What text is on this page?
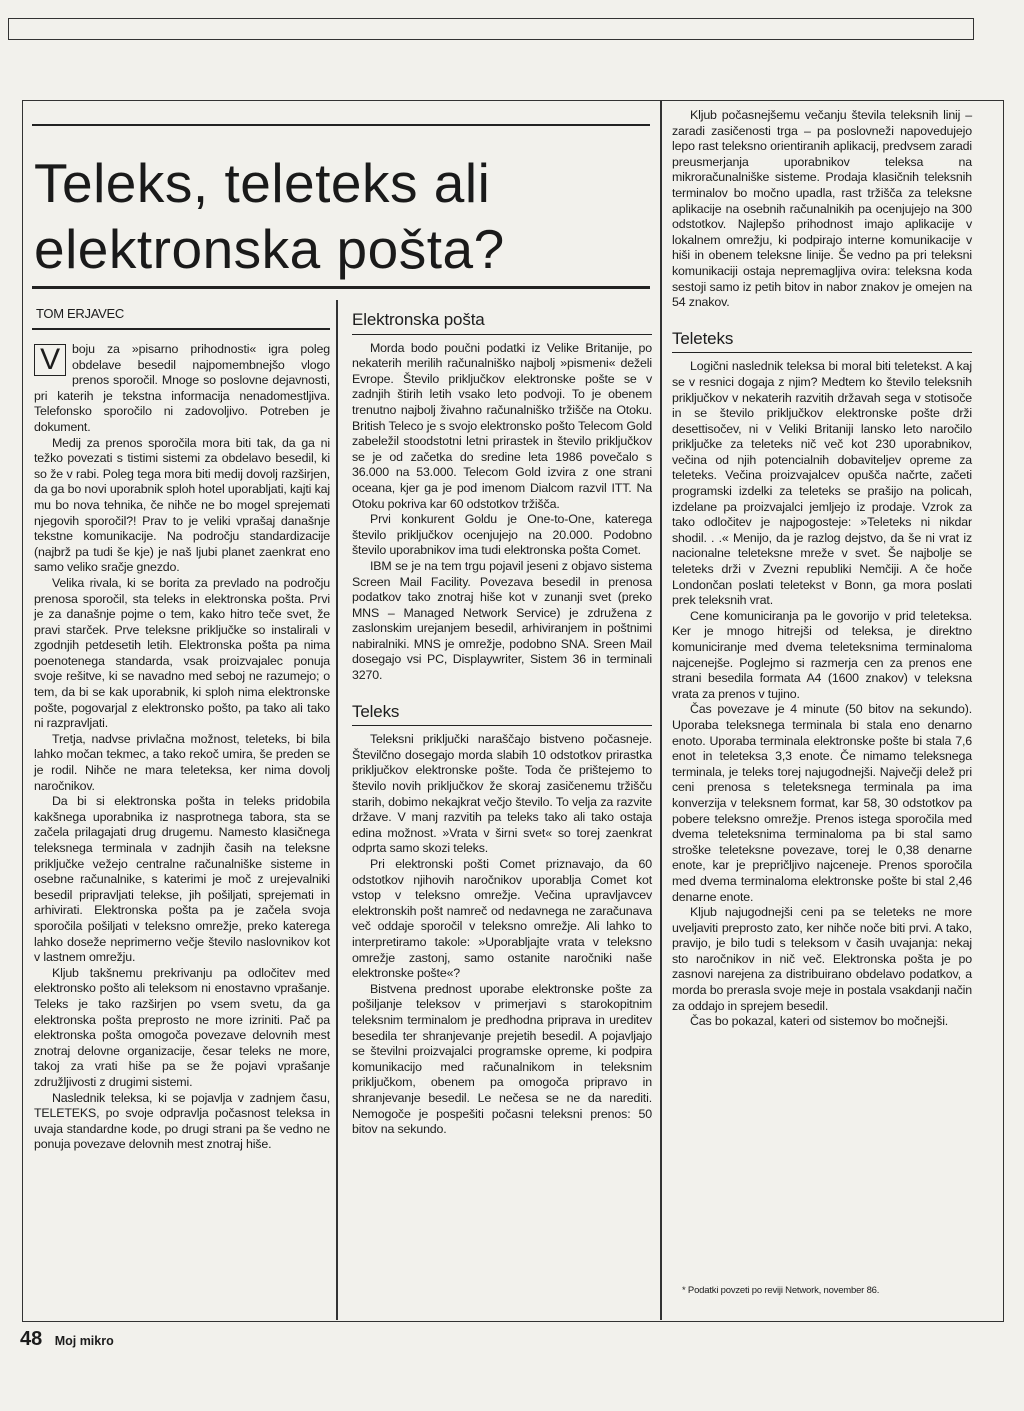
Teleks, teleteks ali
elektronska pošta?
TOM ERJAVEC
V boju za »pisarno prihodnosti« igra poleg obdelave besedil najpomembnejšo vlogo prenos sporočil. Mnoge so poslovne dejavnosti, pri katerih je tekstna informacija nenadomestljiva. Telefonsko sporočilo ni zadovoljivo. Potreben je dokument.

Medij za prenos sporočila mora biti tak, da ga ni težko povezati s tistimi sistemi za obdelavo besedil, ki so že v rabi. Poleg tega mora biti medij dovolj razširjen, da ga bo novi uporabnik sploh hotel uporabljati, kajti kaj mu bo nova tehnika, če nihče ne bo mogel sprejemati njegovih sporočil?! Prav to je veliki vprašaj današnje tekstne komunikacije. Na področju standardizacije (najbrž pa tudi še kje) je naš ljubi planet zaenkrat eno samo veliko sračje gnezdo.

Velika rivala, ki se borita za prevlado na področju prenosa sporočil, sta teleks in elektronska pošta. Prvi je za današnje pojme o tem, kako hitro teče svet, že pravi starček. Prve teleksne priključke so instalirali v zgodnjih petdesetih letih. Elektronska pošta pa nima poenotenega standarda, vsak proizvajalec ponuja svoje rešitve, ki se navadno med seboj ne razumejo; o tem, da bi se kak uporabnik, ki sploh nima elektronske pošte, pogovarjal z elektronsko pošto, pa tako ali tako ni razpravljati.

Tretja, nadvse privlačna možnost, teleteks, bi bila lahko močan tekmec, a tako rekoč umira, še preden se je rodil. Nihče ne mara teleteksa, ker nima dovolj naročnikov.

Da bi si elektronska pošta in teleks pridobila kakšnega uporabnika iz nasprotnega tabora, sta se začela prilagajati drug drugemu. Namesto klasičnega teleksnega terminala v zadnjih časih na teleksne priključke vežejo centralne računalniške sisteme in osebne računalnike, s katerimi je moč z urejevalniki besedil pripravljati telekse, jih pošiljati, sprejemati in arhivirati. Elektronska pošta pa je začela svoja sporočila pošiljati v teleksno omrežje, preko katerega lahko doseže neprimerno večje število naslovnikov kot v lastnem omrežju.

Kljub takšnemu prekrivanju pa odločitev med elektronsko pošto ali teleksom ni enostavno vprašanje. Teleks je tako razširjen po vsem svetu, da ga elektronska pošta preprosto ne more izriniti. Pač pa elektronska pošta omogoča povezave delovnih mest znotraj delovne organizacije, česar teleks ne more, takoj za vrati hiše pa se že pojavi vprašanje združljivosti z drugimi sistemi.

Naslednik teleksa, ki se pojavlja v zadnjem času, TELETEKS, po svoje odpravlja počasnost teleksa in uvaja standardne kode, po drugi strani pa še vedno ne ponuja povezave delovnih mest znotraj hiše.

Elektronska pošta

Morda bodo poučni podatki iz Velike Britanije, po nekaterih merilih računalniško najbolj »pismeni« deželi Evrope. Število priključkov elektronske pošte se v zadnjih štirih letih vsako leto podvoji. To je obenem trenutno najbolj živahno računalniško tržišče na Otoku. British Teleco je s svojo elektronsko pošto Telecom Gold zabeležil stoodstotni letni prirastek in število priključkov se je od začetka do sredine leta 1986 povečalo s 36.000 na 53.000. Telecom Gold izvira z one strani oceana, kjer ga je pod imenom Dialcom razvil ITT. Na Otoku pokriva kar 60 odstotkov tržišča.

Prvi konkurent Goldu je One-to-One, katerega število priključkov ocenjujejo na 20.000. Podobno število uporabnikov ima tudi elektronska pošta Comet.

IBM se je na tem trgu pojavil jeseni z objavo sistema Screen Mail Facility. Povezava besedil in prenosa podatkov tako znotraj hiše kot v zunanji svet (preko MNS – Managed Network Service) je združena z zaslonskim urejanjem besedil, arhiviranjem in poštnimi nabiralniki. MNS je omrežje, podobno SNA. Sreen Mail dosegajo vsi PC, Displaywriter, Sistem 36 in terminali 3270.

Teleks

Teleksni priključki naraščajo bistveno počasneje. Številčno dosegajo morda slabih 10 odstotkov prirastka priključkov elektronske pošte. Toda če prištejemo to število novih priključkov že skoraj zasičenemu tržišču starih, dobimo nekajkrat večjo število. To velja za razvite države. V manj razvitih pa teleks tako ali tako ostaja edina možnost. »Vrata v širni svet« so torej zaenkrat odprta samo skozi teleks.

Pri elektronski pošti Comet priznavajo, da 60 odstotkov njihovih naročnikov uporablja Comet kot vstop v teleksno omrežje. Večina upravljavcev elektronskih pošt namreč od nedavnega ne zaračunava več oddaje sporočil v teleksno omrežje. Ali lahko to interpretiramo takole: »Uporabljajte vrata v teleksno omrežje zastonj, samo ostanite naročniki naše elektronske pošte«?

Bistvena prednost uporabe elektronske pošte za pošiljanje teleksov v primerjavi s starokopitnim teleksnim terminalom je predhodna priprava in ureditev besedila ter shranjevanje prejetih besedil. A pojavljajo se številni proizvajalci programske opreme, ki podpira komunikacijo med računalnikom in teleksnim priključkom, obenem pa omogoča pripravo in shranjevanje besedil. Le nečesa se ne da narediti. Nemogoče je pospešiti počasni teleksni prenos: 50 bitov na sekundo.

Kljub počasnejšemu večanju števila teleksnih linij – zaradi zasičenosti trga – pa poslovneži napovedujejo lepo rast teleksno orientiranih aplikacij, predvsem zaradi preusmerjanja uporabnikov teleksa na mikroračunalniške sisteme. Prodaja klasičnih teleksnih terminalov bo močno upadla, rast tržišča za teleksne aplikacije na osebnih računalnikih pa ocenjujejo na 300 odstotkov. Najlepšo prihodnost imajo aplikacije v lokalnem omrežju, ki podpirajo interne komunikacije v hiši in obenem teleksne linije. Še vedno pa pri teleksni komunikaciji ostaja nepremagljiva ovira: teleksna koda sestoji samo iz petih bitov in nabor znakov je omejen na 54 znakov.

Teleteks

Logični naslednik teleksa bi moral biti teletekst. A kaj se v resnici dogaja z njim? Medtem ko število teleksnih priključkov v nekaterih razvitih državah sega v stotisoče in se število priključkov elektronske pošte drži desettisočev, ni v Veliki Britaniji lansko leto naročilo priključke za teleteks nič več kot 230 uporabnikov, večina od njih potencialnih dobaviteljev opreme za teleteks. Večina proizvajalcev opušča načrte, začeti programski izdelki za teleteks se prašijo na policah, izdelane pa proizvajalci jemljejo iz prodaje. Vzrok za tako odločitev je najpogosteje: »Teleteks ni nikdar shodil. . .« Menijo, da je razlog dejstvo, da še ni vrat iz nacionalne teleteksne mreže v svet. Še najbolje se teleteks drži v Zvezni republiki Nemčiji. A če hoče Londončan poslati teletekst v Bonn, ga mora poslati prek teleksnih vrat.

Cene komuniciranja pa le govorijo v prid teleteksa. Ker je mnogo hitrejši od teleksa, je direktno komuniciranje med dvema teleteksnima terminaloma najcenejše. Poglejmo si razmerja cen za prenos ene strani besedila formata A4 (1600 znakov) v teleksna vrata za prenos v tujino.

Čas povezave je 4 minute (50 bitov na sekundo). Uporaba teleksnega terminala bi stala eno denarno enoto. Uporaba terminala elektronske pošte bi stala 7,6 enot in teleteksa 3,3 enote. Če nimamo teleksnega terminala, je teleks torej najugodnejši. Največji delež pri ceni prenosa s teleteksnega terminala pa ima konverzija v teleksnem format, kar 58, 30 odstotkov pa pobere teleksno omrežje. Prenos istega sporočila med dvema teleteksnima terminaloma pa bi stal samo stroške teleteksne povezave, torej le 0,38 denarne enote, kar je prepričljivo najceneje. Prenos sporočila med dvema terminaloma elektronske pošte bi stal 2,46 denarne enote.

Kljub najugodnejši ceni pa se teleteks ne more uveljaviti preprosto zato, ker nihče noče biti prvi. A tako, pravijo, je bilo tudi s teleksom v časih uvajanja: nekaj sto naročnikov in nič več. Elektronska pošta je po zasnovi narejena za distribuirano obdelavo podatkov, a morda bo prerasla svoje meje in postala vsakdanji način za oddajo in sprejem besedil.

Čas bo pokazal, kateri od sistemov bo močnejši.

* Podatki povzeti po reviji Network, november 86.
48 Moj mikro
